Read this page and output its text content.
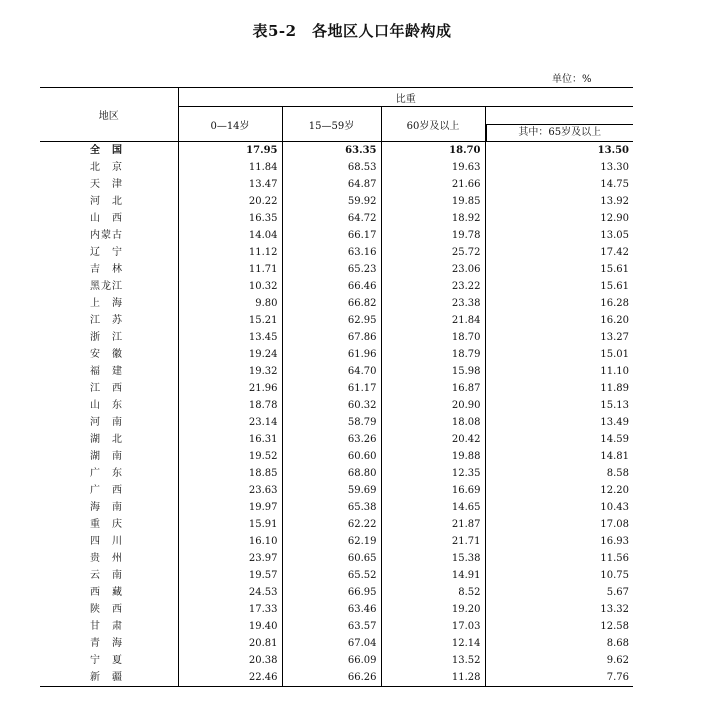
表5-2　各地区人口年龄构成
单位：%
地区	比重			
	0—14岁	15—59岁	60岁及以上	其中：65岁及以上

全　国	17.95	63.35	18.70	13.50
北　京	11.84	68.53	19.63	13.30
天　津	13.47	64.87	21.66	14.75
河　北	20.22	59.92	19.85	13.92
山　西	16.35	64.72	18.92	12.90
内蒙古	14.04	66.17	19.78	13.05
辽　宁	11.12	63.16	25.72	17.42
吉　林	11.71	65.23	23.06	15.61
黑龙江	10.32	66.46	23.22	15.61
上　海	9.80	66.82	23.38	16.28
江　苏	15.21	62.95	21.84	16.20
浙　江	13.45	67.86	18.70	13.27
安　徽	19.24	61.96	18.79	15.01
福　建	19.32	64.70	15.98	11.10
江　西	21.96	61.17	16.87	11.89
山　东	18.78	60.32	20.90	15.13
河　南	23.14	58.79	18.08	13.49
湖　北	16.31	63.26	20.42	14.59
湖　南	19.52	60.60	19.88	14.81
广　东	18.85	68.80	12.35	8.58
广　西	23.63	59.69	16.69	12.20
海　南	19.97	65.38	14.65	10.43
重　庆	15.91	62.22	21.87	17.08
四　川	16.10	62.19	21.71	16.93
贵　州	23.97	60.65	15.38	11.56
云　南	19.57	65.52	14.91	10.75
西　藏	24.53	66.95	8.52	5.67
陕　西	17.33	63.46	19.20	13.32
甘　肃	19.40	63.57	17.03	12.58
青　海	20.81	67.04	12.14	8.68
宁　夏	20.38	66.09	13.52	9.62
新　疆	22.46	66.26	11.28	7.76
